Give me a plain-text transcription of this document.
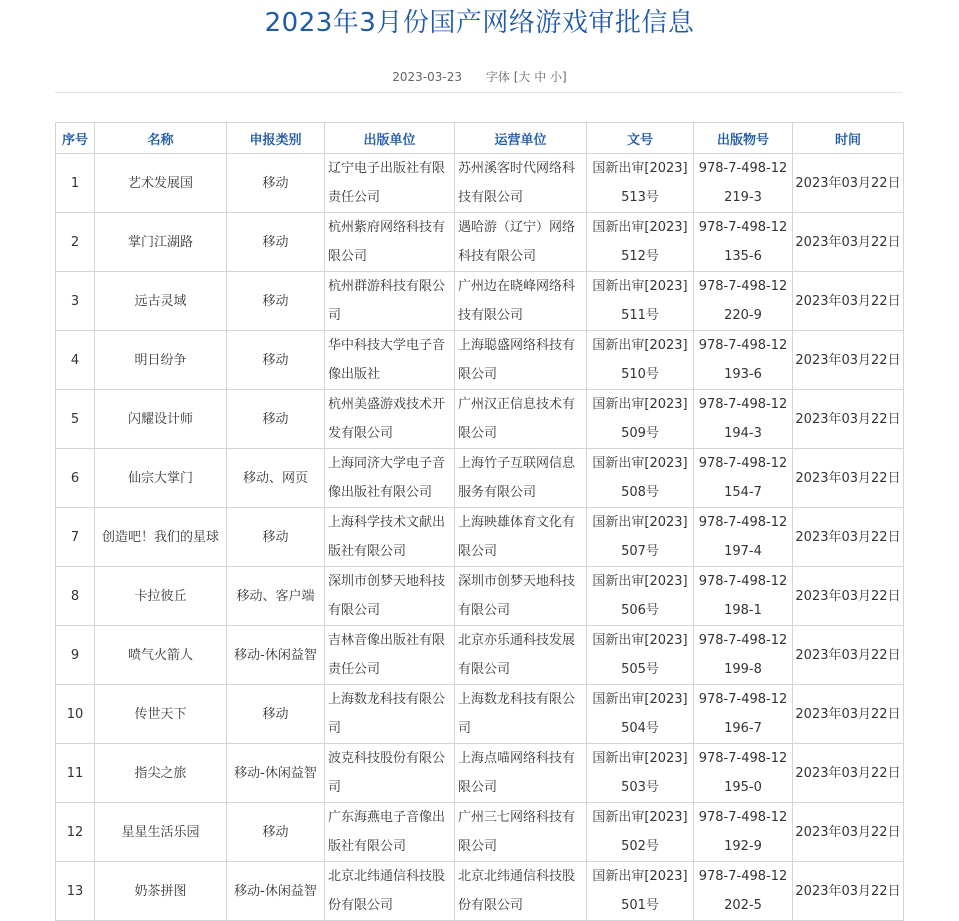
2023年3月份国产网络游戏审批信息
2023-03-23 字体 [大 中 小]
序号	名称	申报类别	出版单位	运营单位	文号	出版物号	时间
1	艺术发展国	移动	辽宁电子出版社有限责任公司	苏州溪客时代网络科技有限公司	国新出审[2023]513号	978-7-498-12219-3	2023年03月22日
2	掌门江湖路	移动	杭州紫府网络科技有限公司	遇哈游（辽宁）网络科技有限公司	国新出审[2023]512号	978-7-498-12135-6	2023年03月22日
3	远古灵域	移动	杭州群游科技有限公司	广州边在晓峰网络科技有限公司	国新出审[2023]511号	978-7-498-12220-9	2023年03月22日
4	明日纷争	移动	华中科技大学电子音像出版社	上海聪盛网络科技有限公司	国新出审[2023]510号	978-7-498-12193-6	2023年03月22日
5	闪耀设计师	移动	杭州美盛游戏技术开发有限公司	广州汉正信息技术有限公司	国新出审[2023]509号	978-7-498-12194-3	2023年03月22日
6	仙宗大掌门	移动、网页	上海同济大学电子音像出版社有限公司	上海竹子互联网信息服务有限公司	国新出审[2023]508号	978-7-498-12154-7	2023年03月22日
7	创造吧！我们的星球	移动	上海科学技术文献出版社有限公司	上海映雄体育文化有限公司	国新出审[2023]507号	978-7-498-12197-4	2023年03月22日
8	卡拉彼丘	移动、客户端	深圳市创梦天地科技有限公司	深圳市创梦天地科技有限公司	国新出审[2023]506号	978-7-498-12198-1	2023年03月22日
9	喷气火箭人	移动-休闲益智	吉林音像出版社有限责任公司	北京亦乐通科技发展有限公司	国新出审[2023]505号	978-7-498-12199-8	2023年03月22日
10	传世天下	移动	上海数龙科技有限公司	上海数龙科技有限公司	国新出审[2023]504号	978-7-498-12196-7	2023年03月22日
11	指尖之旅	移动-休闲益智	波克科技股份有限公司	上海点喵网络科技有限公司	国新出审[2023]503号	978-7-498-12195-0	2023年03月22日
12	星星生活乐园	移动	广东海燕电子音像出版社有限公司	广州三七网络科技有限公司	国新出审[2023]502号	978-7-498-12192-9	2023年03月22日
13	奶茶拼图	移动-休闲益智	北京北纬通信科技股份有限公司	北京北纬通信科技股份有限公司	国新出审[2023]501号	978-7-498-12202-5	2023年03月22日
